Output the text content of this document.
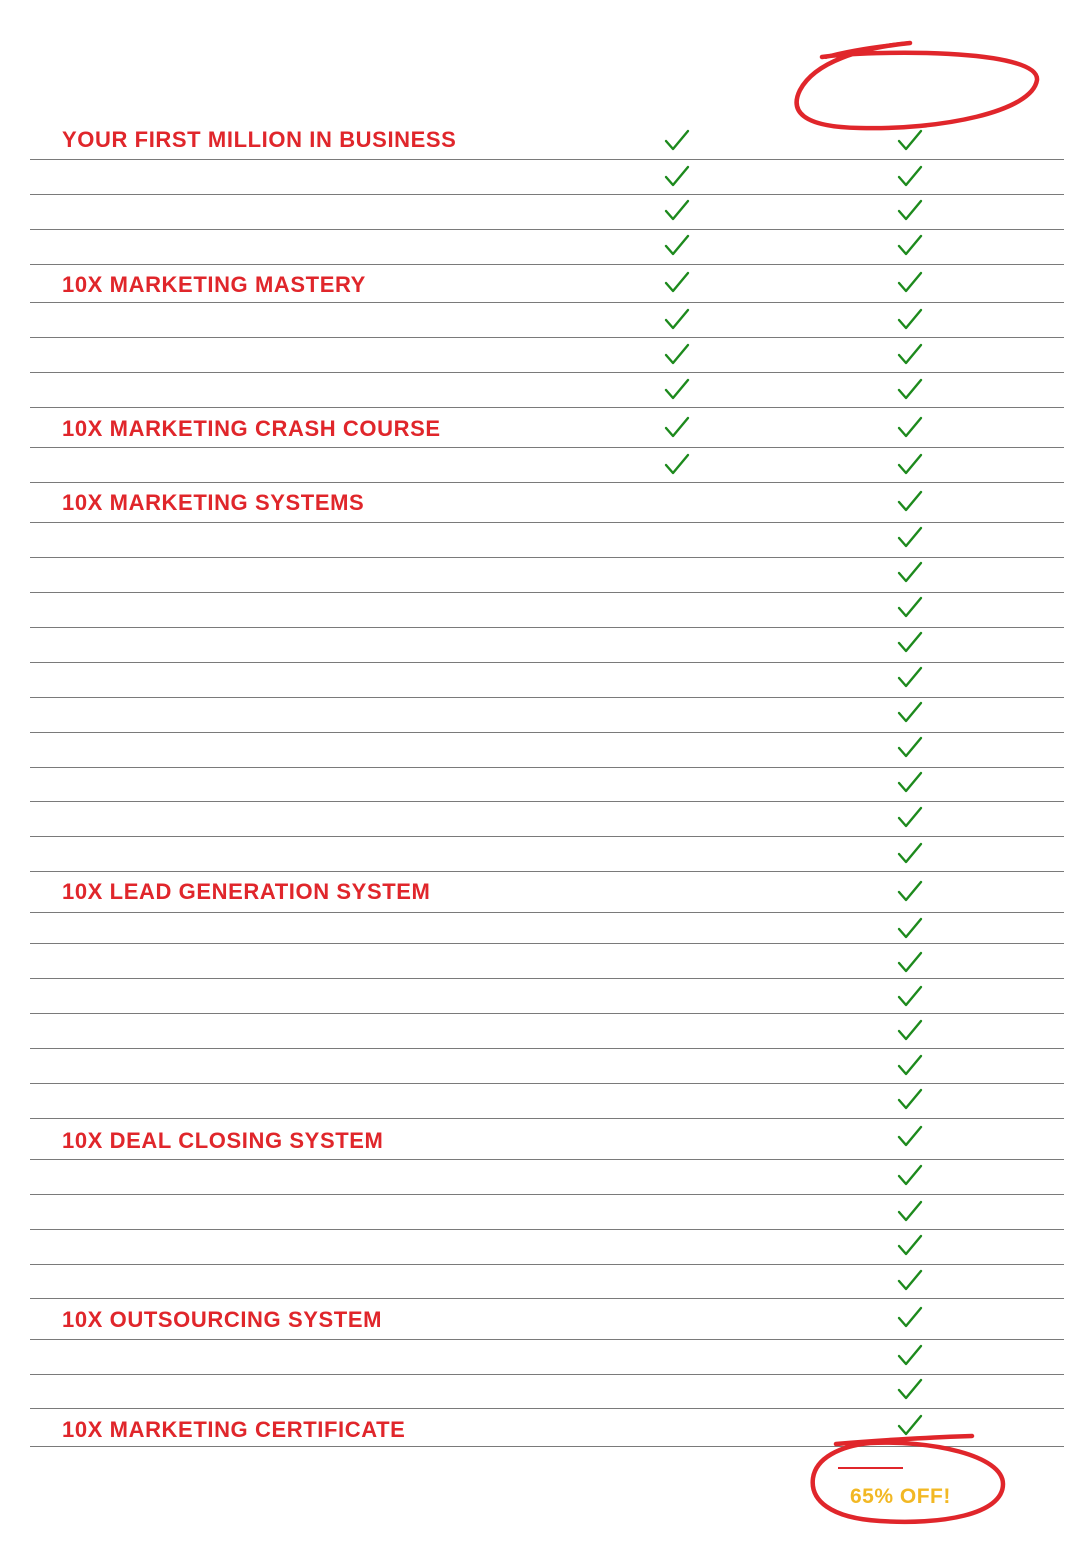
YOUR FIRST MILLION IN BUSINESS
10X MARKETING MASTERY
10X MARKETING CRASH COURSE
10X MARKETING SYSTEMS
10X LEAD GENERATION SYSTEM
10X DEAL CLOSING SYSTEM
10X OUTSOURCING SYSTEM
10X MARKETING CERTIFICATE
65% OFF!
